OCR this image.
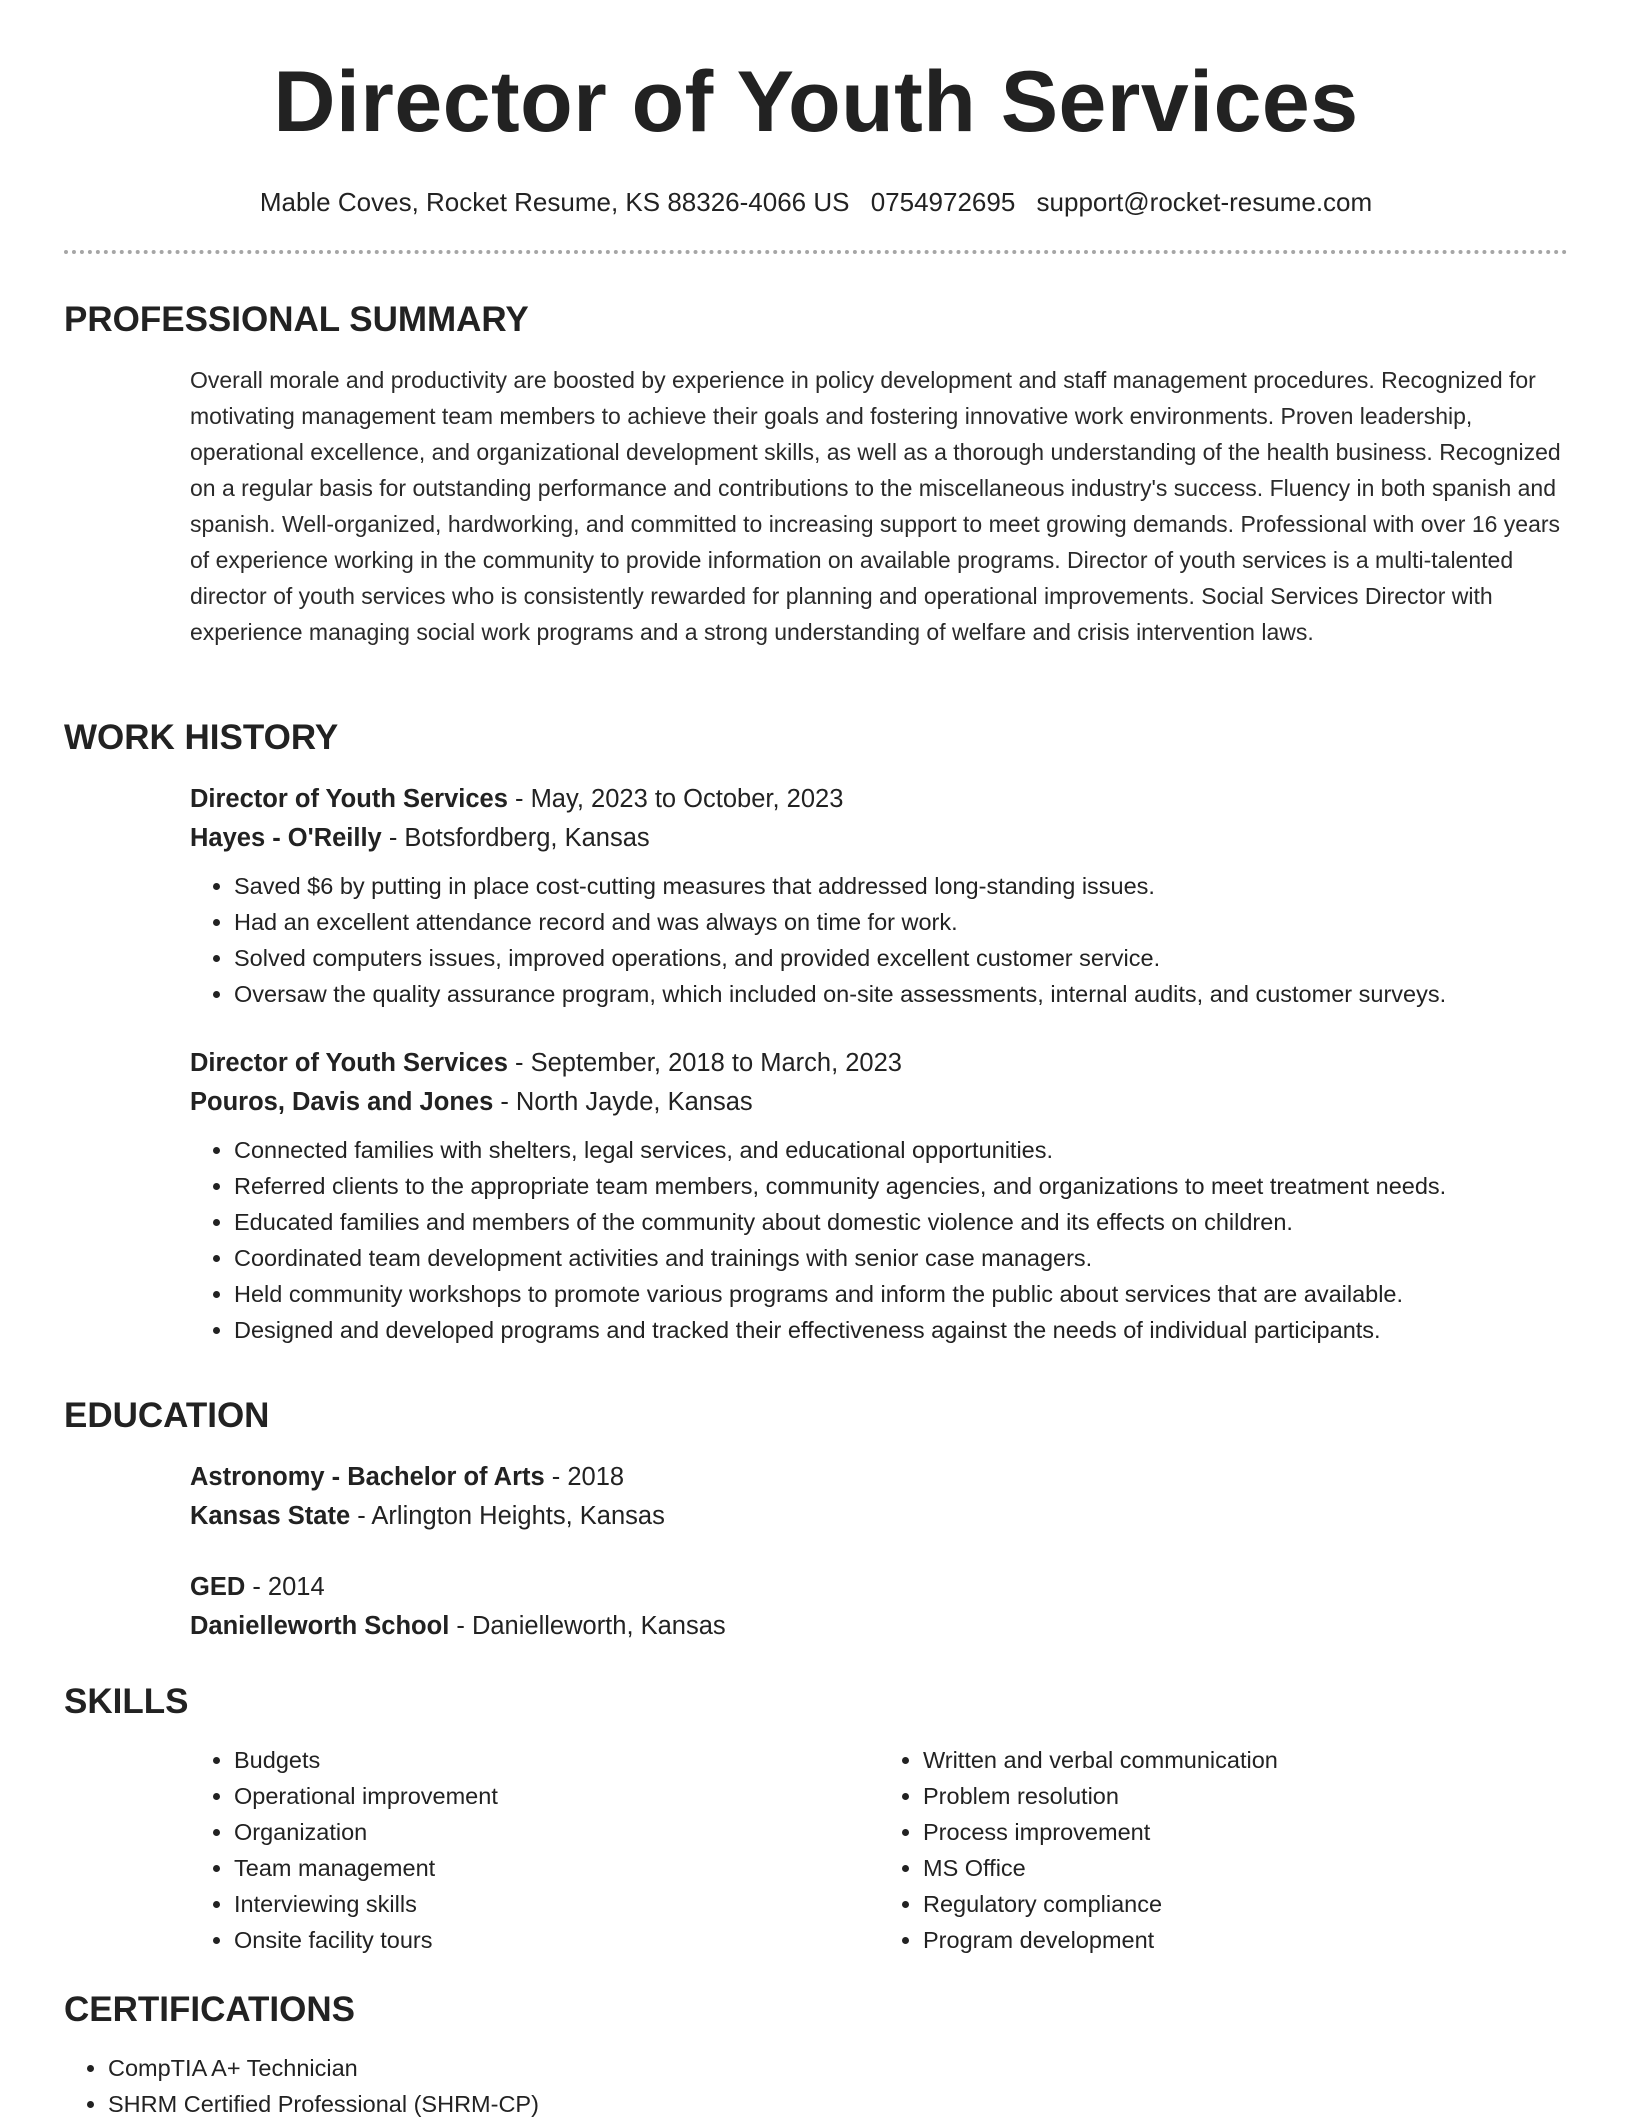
Director of Youth Services
Mable Coves, Rocket Resume, KS 88326-4066 US 0754972695 support@rocket-resume.com
PROFESSIONAL SUMMARY

Overall morale and productivity are boosted by experience in policy development and staff management procedures. Recognized for motivating management team members to achieve their goals and fostering innovative work environments. Proven leadership, operational excellence, and organizational development skills, as well as a thorough understanding of the health business. Recognized on a regular basis for outstanding performance and contributions to the miscellaneous industry's success. Fluency in both spanish and spanish. Well-organized, hardworking, and committed to increasing support to meet growing demands. Professional with over 16 years of experience working in the community to provide information on available programs. Director of youth services is a multi-talented director of youth services who is consistently rewarded for planning and operational improvements. Social Services Director with experience managing social work programs and a strong understanding of welfare and crisis intervention laws.

WORK HISTORY
Director of Youth Services - May, 2023 to October, 2023
Hayes - O'Reilly - Botsfordberg, Kansas
• Saved $6 by putting in place cost-cutting measures that addressed long-standing issues.
• Had an excellent attendance record and was always on time for work.
• Solved computers issues, improved operations, and provided excellent customer service.
• Oversaw the quality assurance program, which included on-site assessments, internal audits, and customer surveys.
Director of Youth Services - September, 2018 to March, 2023
Pouros, Davis and Jones - North Jayde, Kansas
• Connected families with shelters, legal services, and educational opportunities.
• Referred clients to the appropriate team members, community agencies, and organizations to meet treatment needs.
• Educated families and members of the community about domestic violence and its effects on children.
• Coordinated team development activities and trainings with senior case managers.
• Held community workshops to promote various programs and inform the public about services that are available.
• Designed and developed programs and tracked their effectiveness against the needs of individual participants.
EDUCATION
Astronomy - Bachelor of Arts - 2018
Kansas State - Arlington Heights, Kansas
GED - 2014
Danielleworth School - Danielleworth, Kansas
SKILLS
• Budgets
• Operational improvement
• Organization
• Team management
• Interviewing skills
• Onsite facility tours
• Written and verbal communication
• Problem resolution
• Process improvement
• MS Office
• Regulatory compliance
• Program development
CERTIFICATIONS
• CompTIA A+ Technician
• SHRM Certified Professional (SHRM-CP)
